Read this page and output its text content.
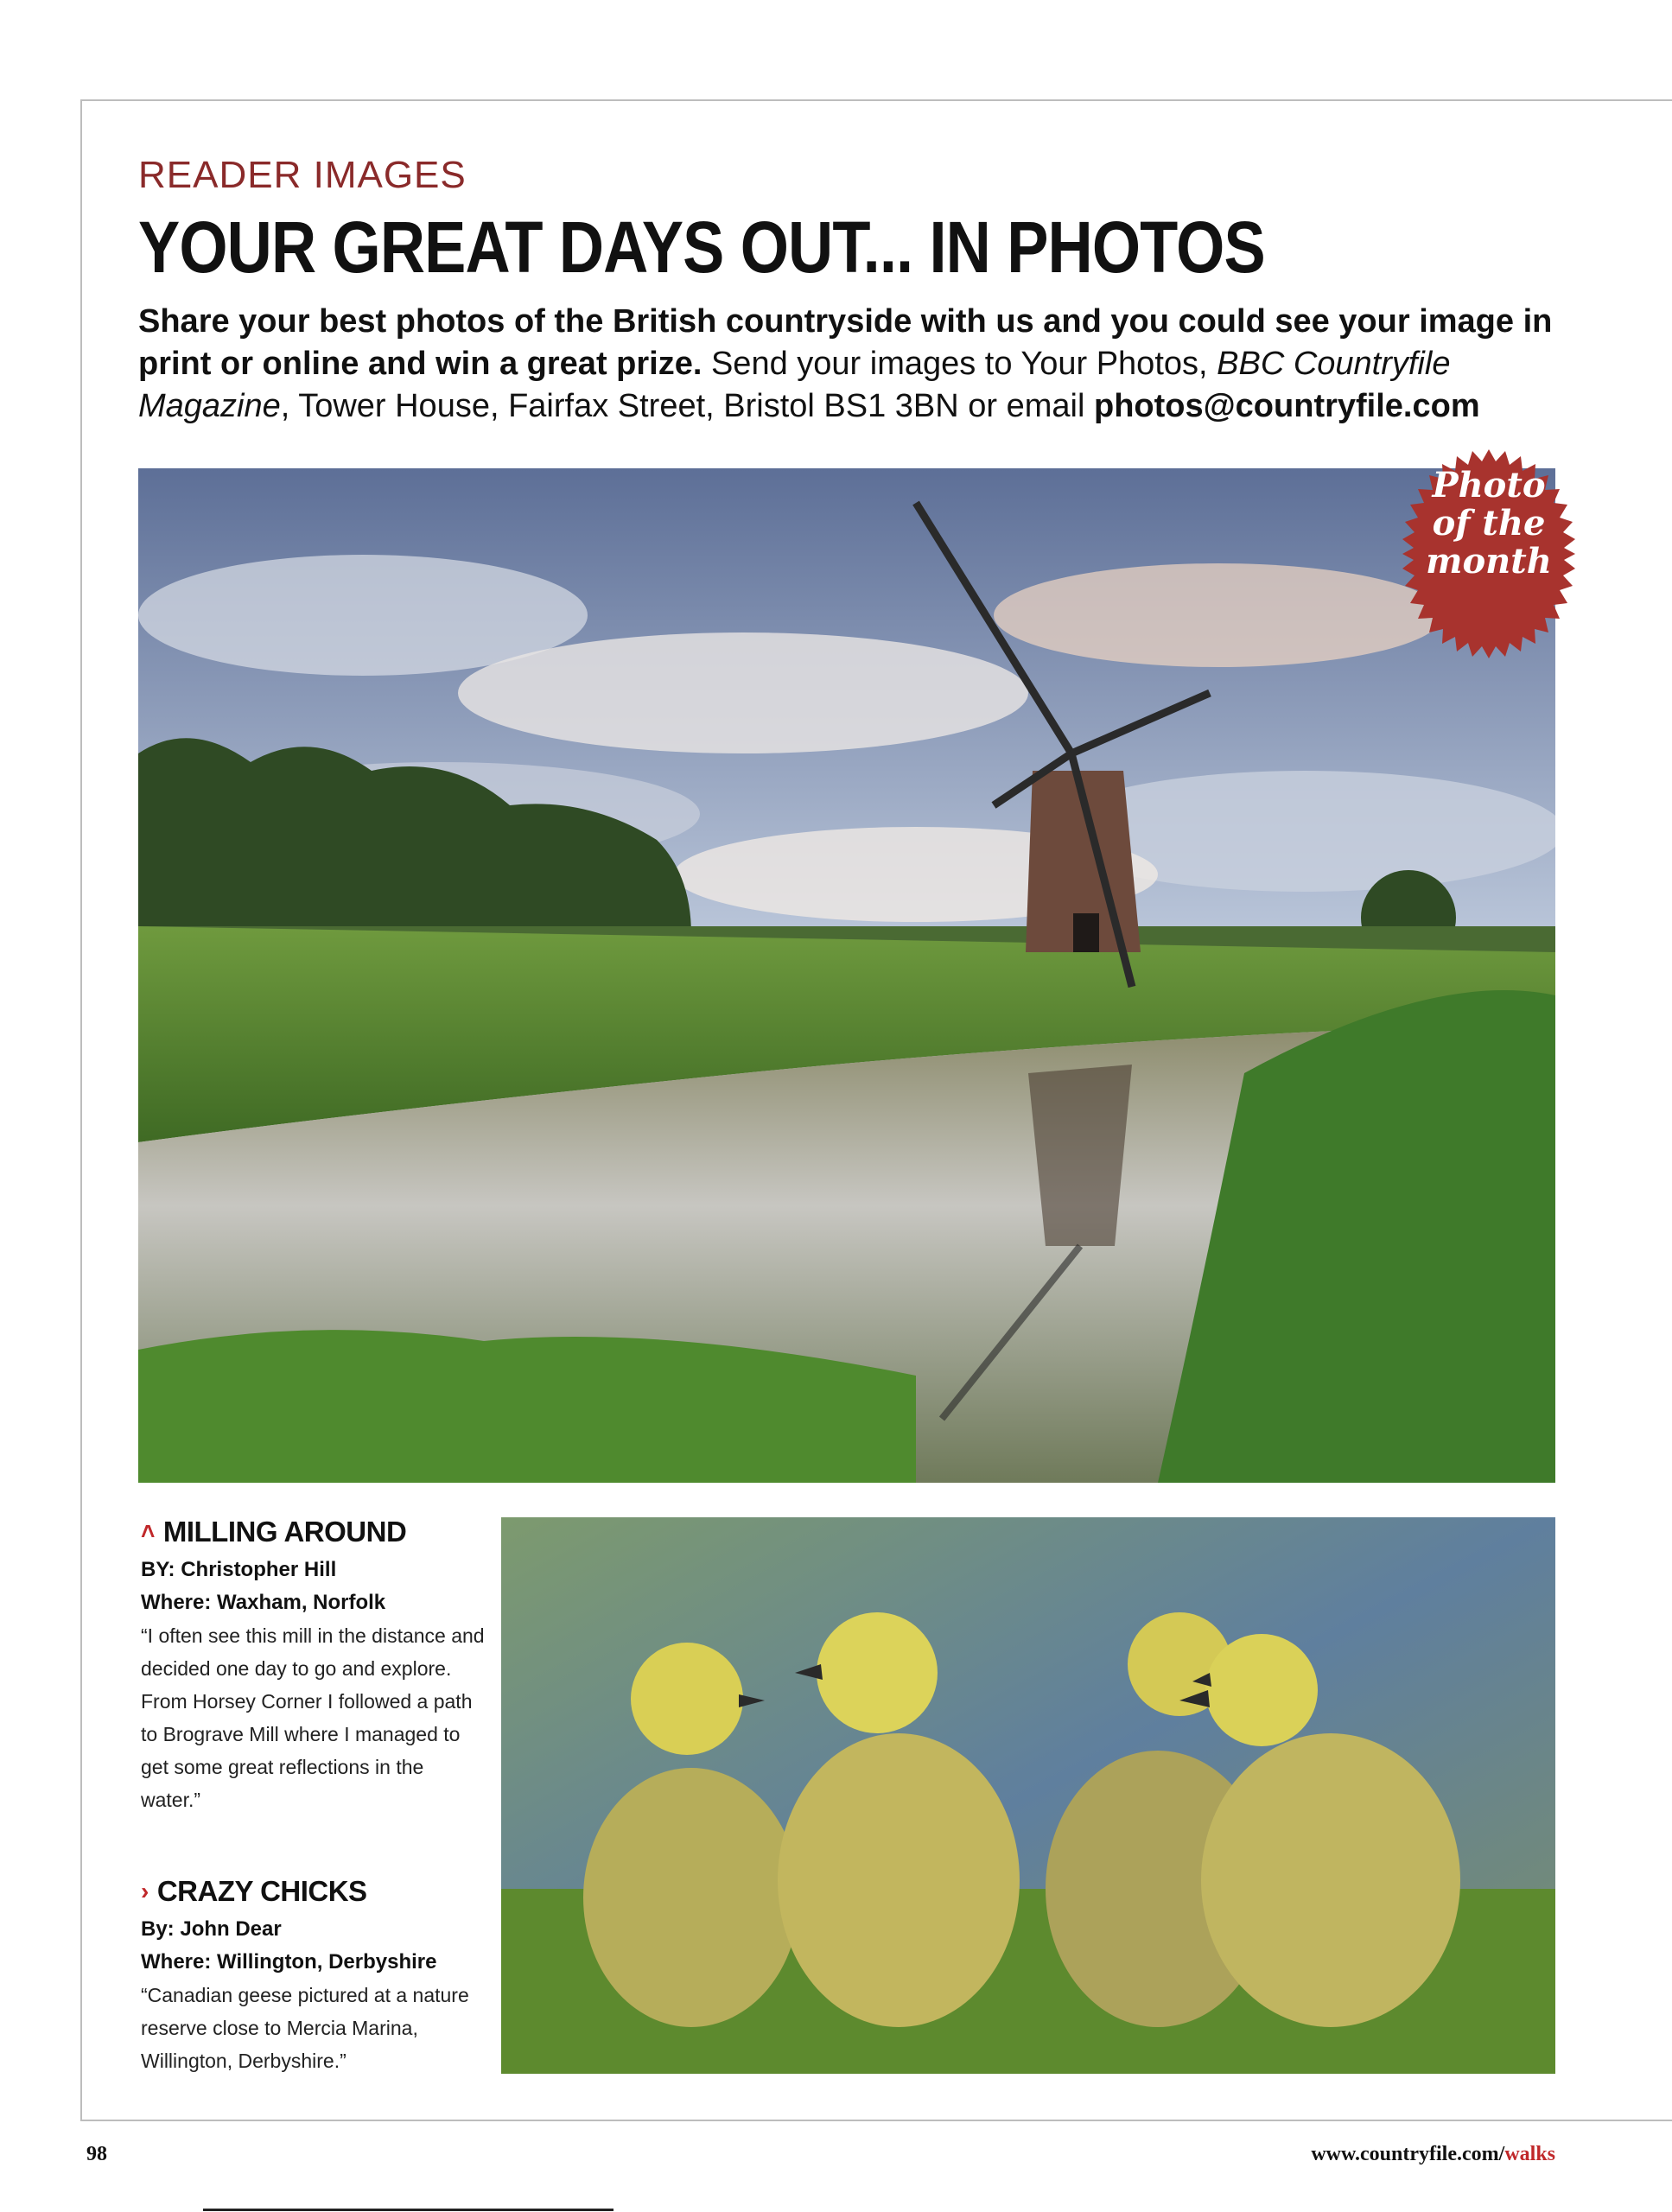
READER IMAGES
YOUR GREAT DAYS OUT... IN PHOTOS
Share your best photos of the British countryside with us and you could see your image in print or online and win a great prize. Send your images to Your Photos, BBC Countryfile
Magazine, Tower House, Fairfax Street, Bristol BS1 3BN or email photos@countryfile.com
Photo
of the
month
˄ MILLING AROUND
BY: Christopher Hill
Where: Waxham, Norfolk
“I often see this mill in the distance and decided one day to go and explore. From Horsey Corner I followed a path to Brograve Mill where I managed to get some great reflections in the water.”
› CRAZY CHICKS
By: John Dear
Where: Willington, Derbyshire
“Canadian geese pictured at a nature reserve close to Mercia Marina, Willington, Derbyshire.”
98	www.countryfile.com/walks
